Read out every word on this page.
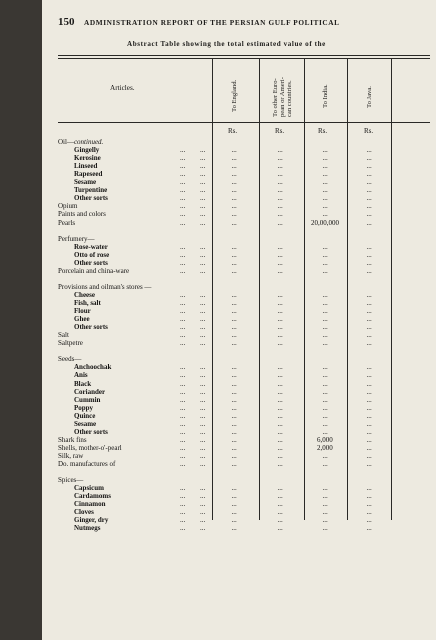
150 ADMINISTRATION REPORT OF THE PERSIAN GULF POLITICAL
Abstract Table showing the total estimated value of the
Articles.	To England.
To other Euro-
pean or Ameri-
can countries.	To India.	To Java.
Rs.	Rs.	Rs.	Rs.
Oil—continued.
Gingelly	... ...	...	...	...	...
Kerosine	... ...	...	...	...	...
Linseed	... ...	...	...	...	...
Rapeseed	... ...	...	...	...	...
Sesame	... ...	...	...	...	...
Turpentine	... ...	...	...	...	...
Other sorts	... ...	...	...	...	...
Opium	... ...	...	...	...	...
Paints and colors	... ...	...	...	...	...
Pearls	... ...	...	...	20,00,000	...
Perfumery—
Rose-water	... ...	...	...	...	...
Otto of rose	... ...	...	...	...	...
Other sorts	... ...	...	...	...	...
Porcelain and china-ware	... ...	...	...	...	...
Provisions and oilman's stores —
Cheese	... ...	...	...	...	...
Fish, salt	... ...	...	...	...	...
Flour	... ...	...	...	...	...
Ghee	... ...	...	...	...	...
Other sorts	... ...	...	...	...	...
Salt	... ...	...	...	...	...
Saltpetre	... ...	...	...	...	...
Seeds—
Anchoochak	... ...	...	...	...	...
Anis	... ...	...	...	...	...
Black	... ...	...	...	...	...
Coriander	... ...	...	...	...	...
Cummin	... ...	...	...	...	...
Poppy	... ...	...	...	...	...
Quince	... ...	...	...	...	...
Sesame	... ...	...	...	...	...
Other sorts	... ...	...	...	...	...
Shark fins	... ...	...	...	6,000	...
Shells, mother-o'-pearl	... ...	...	...	2,000	...
Silk, raw	... ...	...	...	...	...
Do. manufactures of	... ...	...	...	...	...
Spices—
Capsicum	... ...	...	...	...	...
Cardamoms	... ...	...	...	...	...
Cinnamon	... ...	...	...	...	...
Cloves	... ...	...	...	...	...
Ginger, dry	... ...	...	...	...	...
Nutmegs	... ...	...	...	...	...
